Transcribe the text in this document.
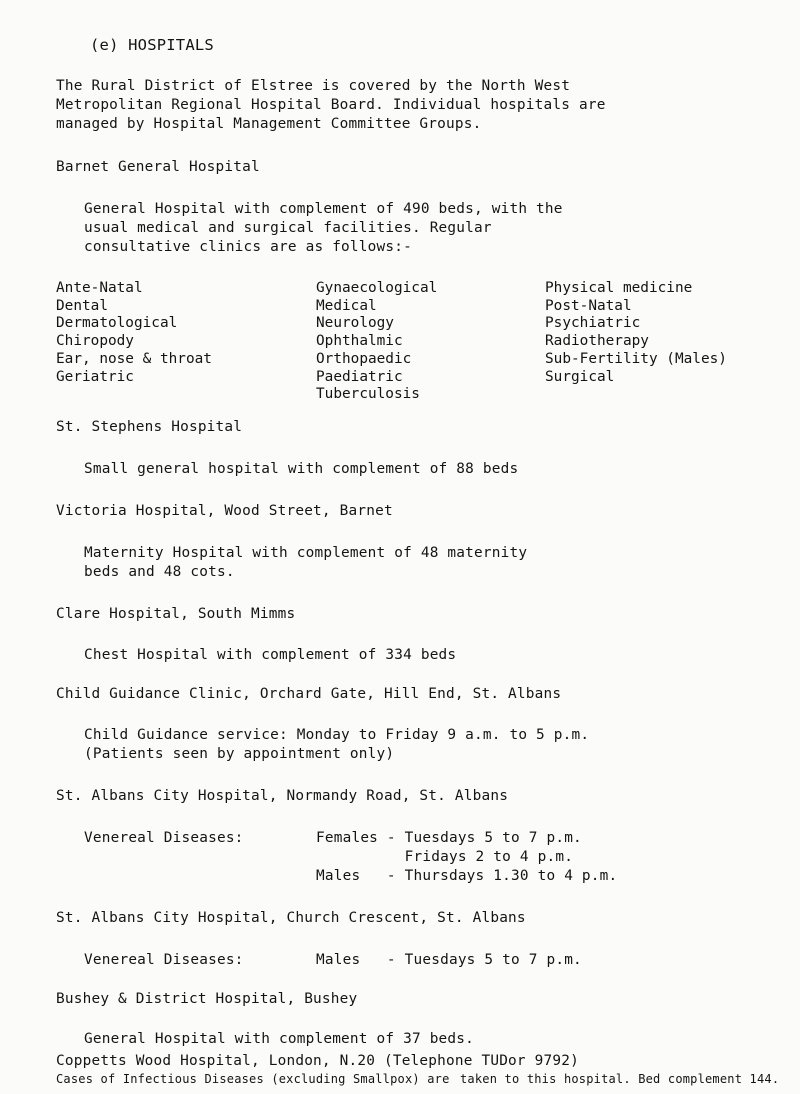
(e) HOSPITALS
The Rural District of Elstree is covered by the North West
Metropolitan Regional Hospital Board. Individual hospitals are
managed by Hospital Management Committee Groups.
Barnet General Hospital
General Hospital with complement of 490 beds, with the
usual medical and surgical facilities. Regular
consultative clinics are as follows:-
Ante-Natal
Dental
Dermatological
Chiropody
Ear, nose & throat
Geriatric
Gynaecological
Medical
Neurology
Ophthalmic
Orthopaedic
Paediatric
Tuberculosis
Physical medicine
Post-Natal
Psychiatric
Radiotherapy
Sub-Fertility (Males)
Surgical
St. Stephens Hospital
Small general hospital with complement of 88 beds
Victoria Hospital, Wood Street, Barnet
Maternity Hospital with complement of 48 maternity
beds and 48 cots.
Clare Hospital, South Mimms
Chest Hospital with complement of 334 beds
Child Guidance Clinic, Orchard Gate, Hill End, St. Albans
Child Guidance service: Monday to Friday 9 a.m. to 5 p.m.
(Patients seen by appointment only)
St. Albans City Hospital, Normandy Road, St. Albans
Venereal Diseases:	Females - Tuesdays 5 to 7 p.m.
Fridays 2 to 4 p.m.
Males   - Thursdays 1.30 to 4 p.m.
St. Albans City Hospital, Church Crescent, St. Albans
Venereal Diseases:	Males   - Tuesdays 5 to 7 p.m.
Bushey & District Hospital, Bushey
General Hospital with complement of 37 beds.
Coppetts Wood Hospital, London, N.20 (Telephone TUDor 9792)
Cases of Infectious Diseases (excluding Smallpox) are taken to this hospital. Bed complement 144.
